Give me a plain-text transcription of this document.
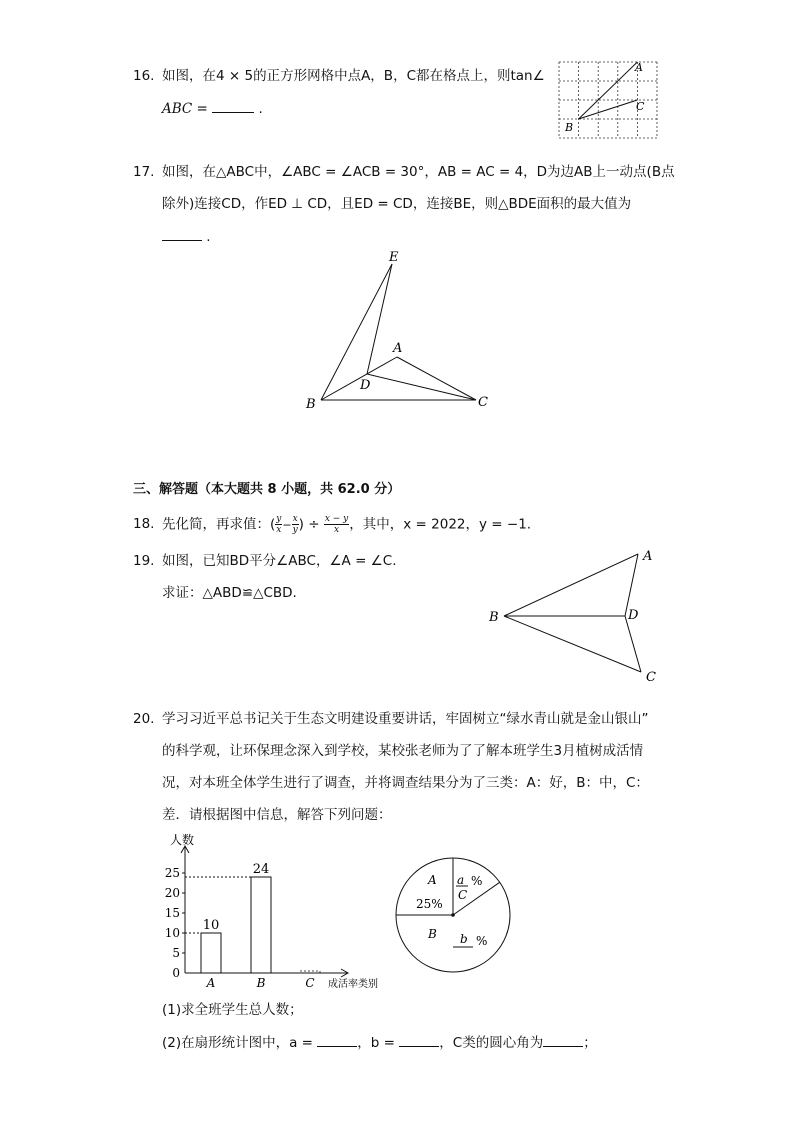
16. 如图，在4 × 5的正方形网格中点A，B，C都在格点上，则tan∠
ABC =	.
A
C
B
17. 如图，在△ABC中，∠ABC = ∠ACB = 30°，AB = AC = 4，D为边AB上一动点(B点
除外)连接CD，作ED ⊥ CD，且ED = CD，连接BE，则△BDE面积的最大值为
.
E
A
D
B	C
三、解答题（本大题共 8 小题，共 62.0 分）
18. 先化简，再求值：( $\frac{y}{x} - \frac{x}{y}$ ) ÷ $\frac{x - y}{x}$ ，其中，x = 2022，y = −1.
19. 如图，已知BD平分∠ABC，∠A = ∠C.
求证：△ABD≌△CBD.
A
B	D
C
20. 学习习近平总书记关于生态文明建设重要讲话，牢固树立“绿水青山就是金山银山”
的科学观，让环保理念深入到学校，某校张老师为了了解本班学生3月植树成活情
况，对本班全体学生进行了调查，并将调查结果分为了三类：A：好，B：中，C：
差．请根据图中信息，解答下列问题：
人数
成活率类别
0
5
10
15
20
25
10
A
24
B	C
A
25%
B b %
a %
C
(1)求全班学生总人数；
(2)在扇形统计图中，a =	，b =	，C类的圆心角为	；
